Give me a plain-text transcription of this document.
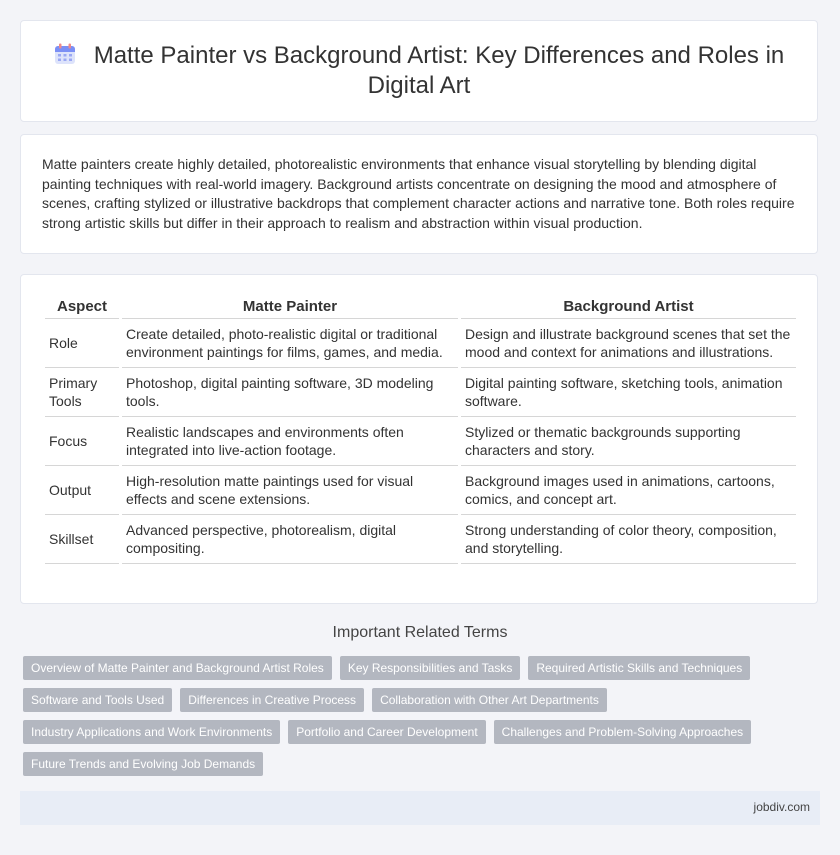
Matte Painter vs Background Artist: Key Differences and Roles in Digital Art

Matte painters create highly detailed, photorealistic environments that enhance visual storytelling by blending digital painting techniques with real-world imagery. Background artists concentrate on designing the mood and atmosphere of scenes, crafting stylized or illustrative backdrops that complement character actions and narrative tone. Both roles require strong artistic skills but differ in their approach to realism and abstraction within visual production.

Aspect	Matte Painter	Background Artist
Role	Create detailed, photo-realistic digital or traditional environment paintings for films, games, and media.	Design and illustrate background scenes that set the mood and context for animations and illustrations.
Primary Tools	Photoshop, digital painting software, 3D modeling tools.	Digital painting software, sketching tools, animation software.
Focus	Realistic landscapes and environments often integrated into live-action footage.	Stylized or thematic backgrounds supporting characters and story.
Output	High-resolution matte paintings used for visual effects and scene extensions.	Background images used in animations, cartoons, comics, and concept art.
Skillset	Advanced perspective, photorealism, digital compositing.	Strong understanding of color theory, composition, and storytelling.
Important Related Terms
Overview of Matte Painter and Background Artist Roles	Key Responsibilities and Tasks	Required Artistic Skills and Techniques
Software and Tools Used	Differences in Creative Process	Collaboration with Other Art Departments
Industry Applications and Work Environments	Portfolio and Career Development	Challenges and Problem-Solving Approaches
Future Trends and Evolving Job Demands
jobdiv.com
